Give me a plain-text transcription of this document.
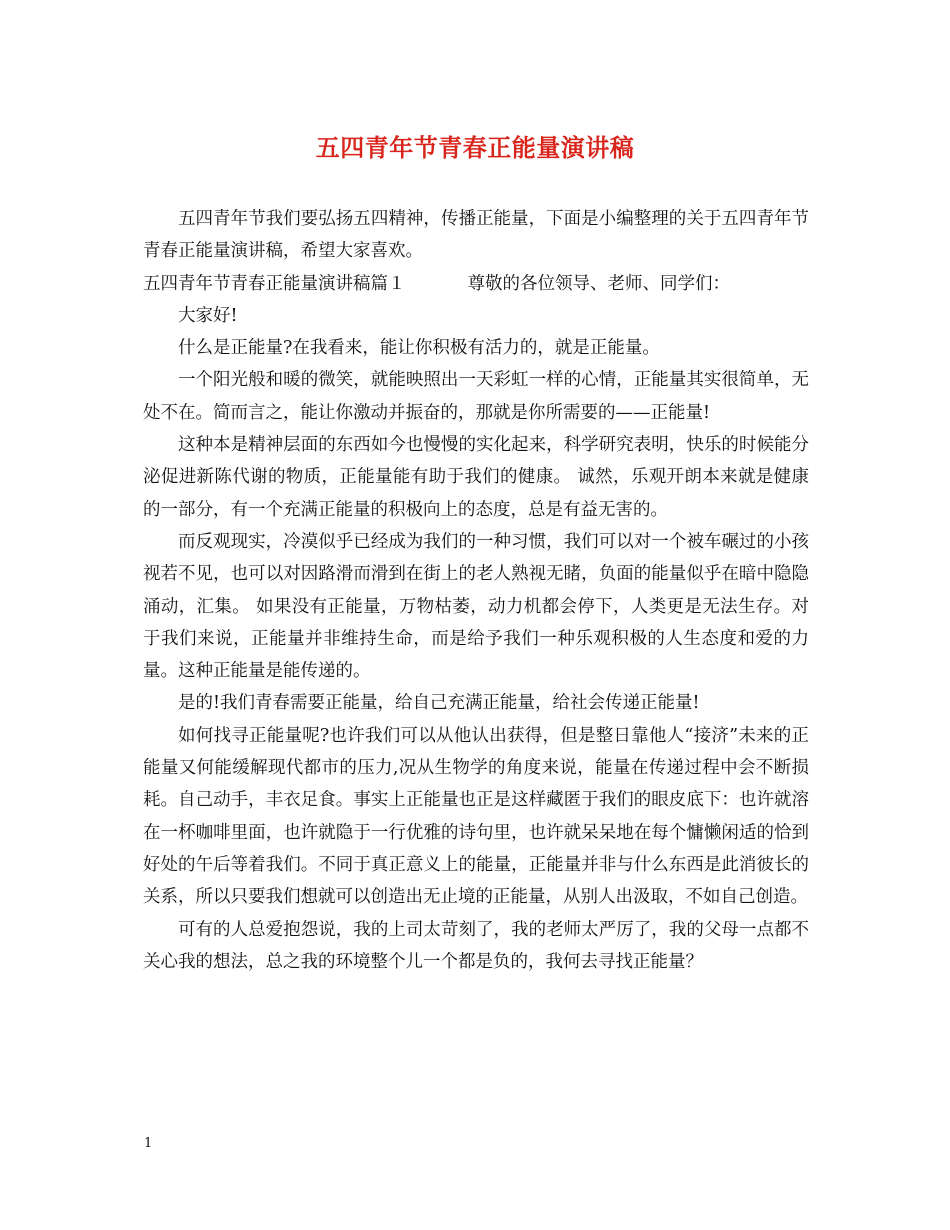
五四青年节青春正能量演讲稿

五四青年节我们要弘扬五四精神，传播正能量，下面是小编整理的关于五四青年节青春正能量演讲稿，希望大家喜欢。

五四青年节青春正能量演讲稿篇１	尊敬的各位领导、老师、同学们：

大家好!

什么是正能量?在我看来，能让你积极有活力的，就是正能量。

一个阳光般和暖的微笑，就能映照出一天彩虹一样的心情，正能量其实很简单，无处不在。简而言之，能让你激动并振奋的，那就是你所需要的——正能量!

这种本是精神层面的东西如今也慢慢的实化起来，科学研究表明，快乐的时候能分泌促进新陈代谢的物质，正能量能有助于我们的健康。 诚然，乐观开朗本来就是健康的一部分，有一个充满正能量的积极向上的态度，总是有益无害的。

而反观现实，冷漠似乎已经成为我们的一种习惯，我们可以对一个被车碾过的小孩视若不见，也可以对因路滑而滑到在街上的老人熟视无睹，负面的能量似乎在暗中隐隐涌动，汇集。 如果没有正能量，万物枯萎，动力机都会停下，人类更是无法生存。对于我们来说，正能量并非维持生命，而是给予我们一种乐观积极的人生态度和爱的力量。这种正能量是能传递的。

是的!我们青春需要正能量，给自己充满正能量，给社会传递正能量!

如何找寻正能量呢?也许我们可以从他认出获得，但是整日靠他人“接济”未来的正能量又何能缓解现代都市的压力,况从生物学的角度来说，能量在传递过程中会不断损耗。自己动手，丰衣足食。事实上正能量也正是这样藏匿于我们的眼皮底下：也许就溶在一杯咖啡里面，也许就隐于一行优雅的诗句里，也许就呆呆地在每个慵懒闲适的恰到好处的午后等着我们。不同于真正意义上的能量，正能量并非与什么东西是此消彼长的关系，所以只要我们想就可以创造出无止境的正能量，从别人出汲取，不如自己创造。

可有的人总爱抱怨说，我的上司太苛刻了，我的老师太严厉了，我的父母一点都不关心我的想法，总之我的环境整个儿一个都是负的，我何去寻找正能量？

1
